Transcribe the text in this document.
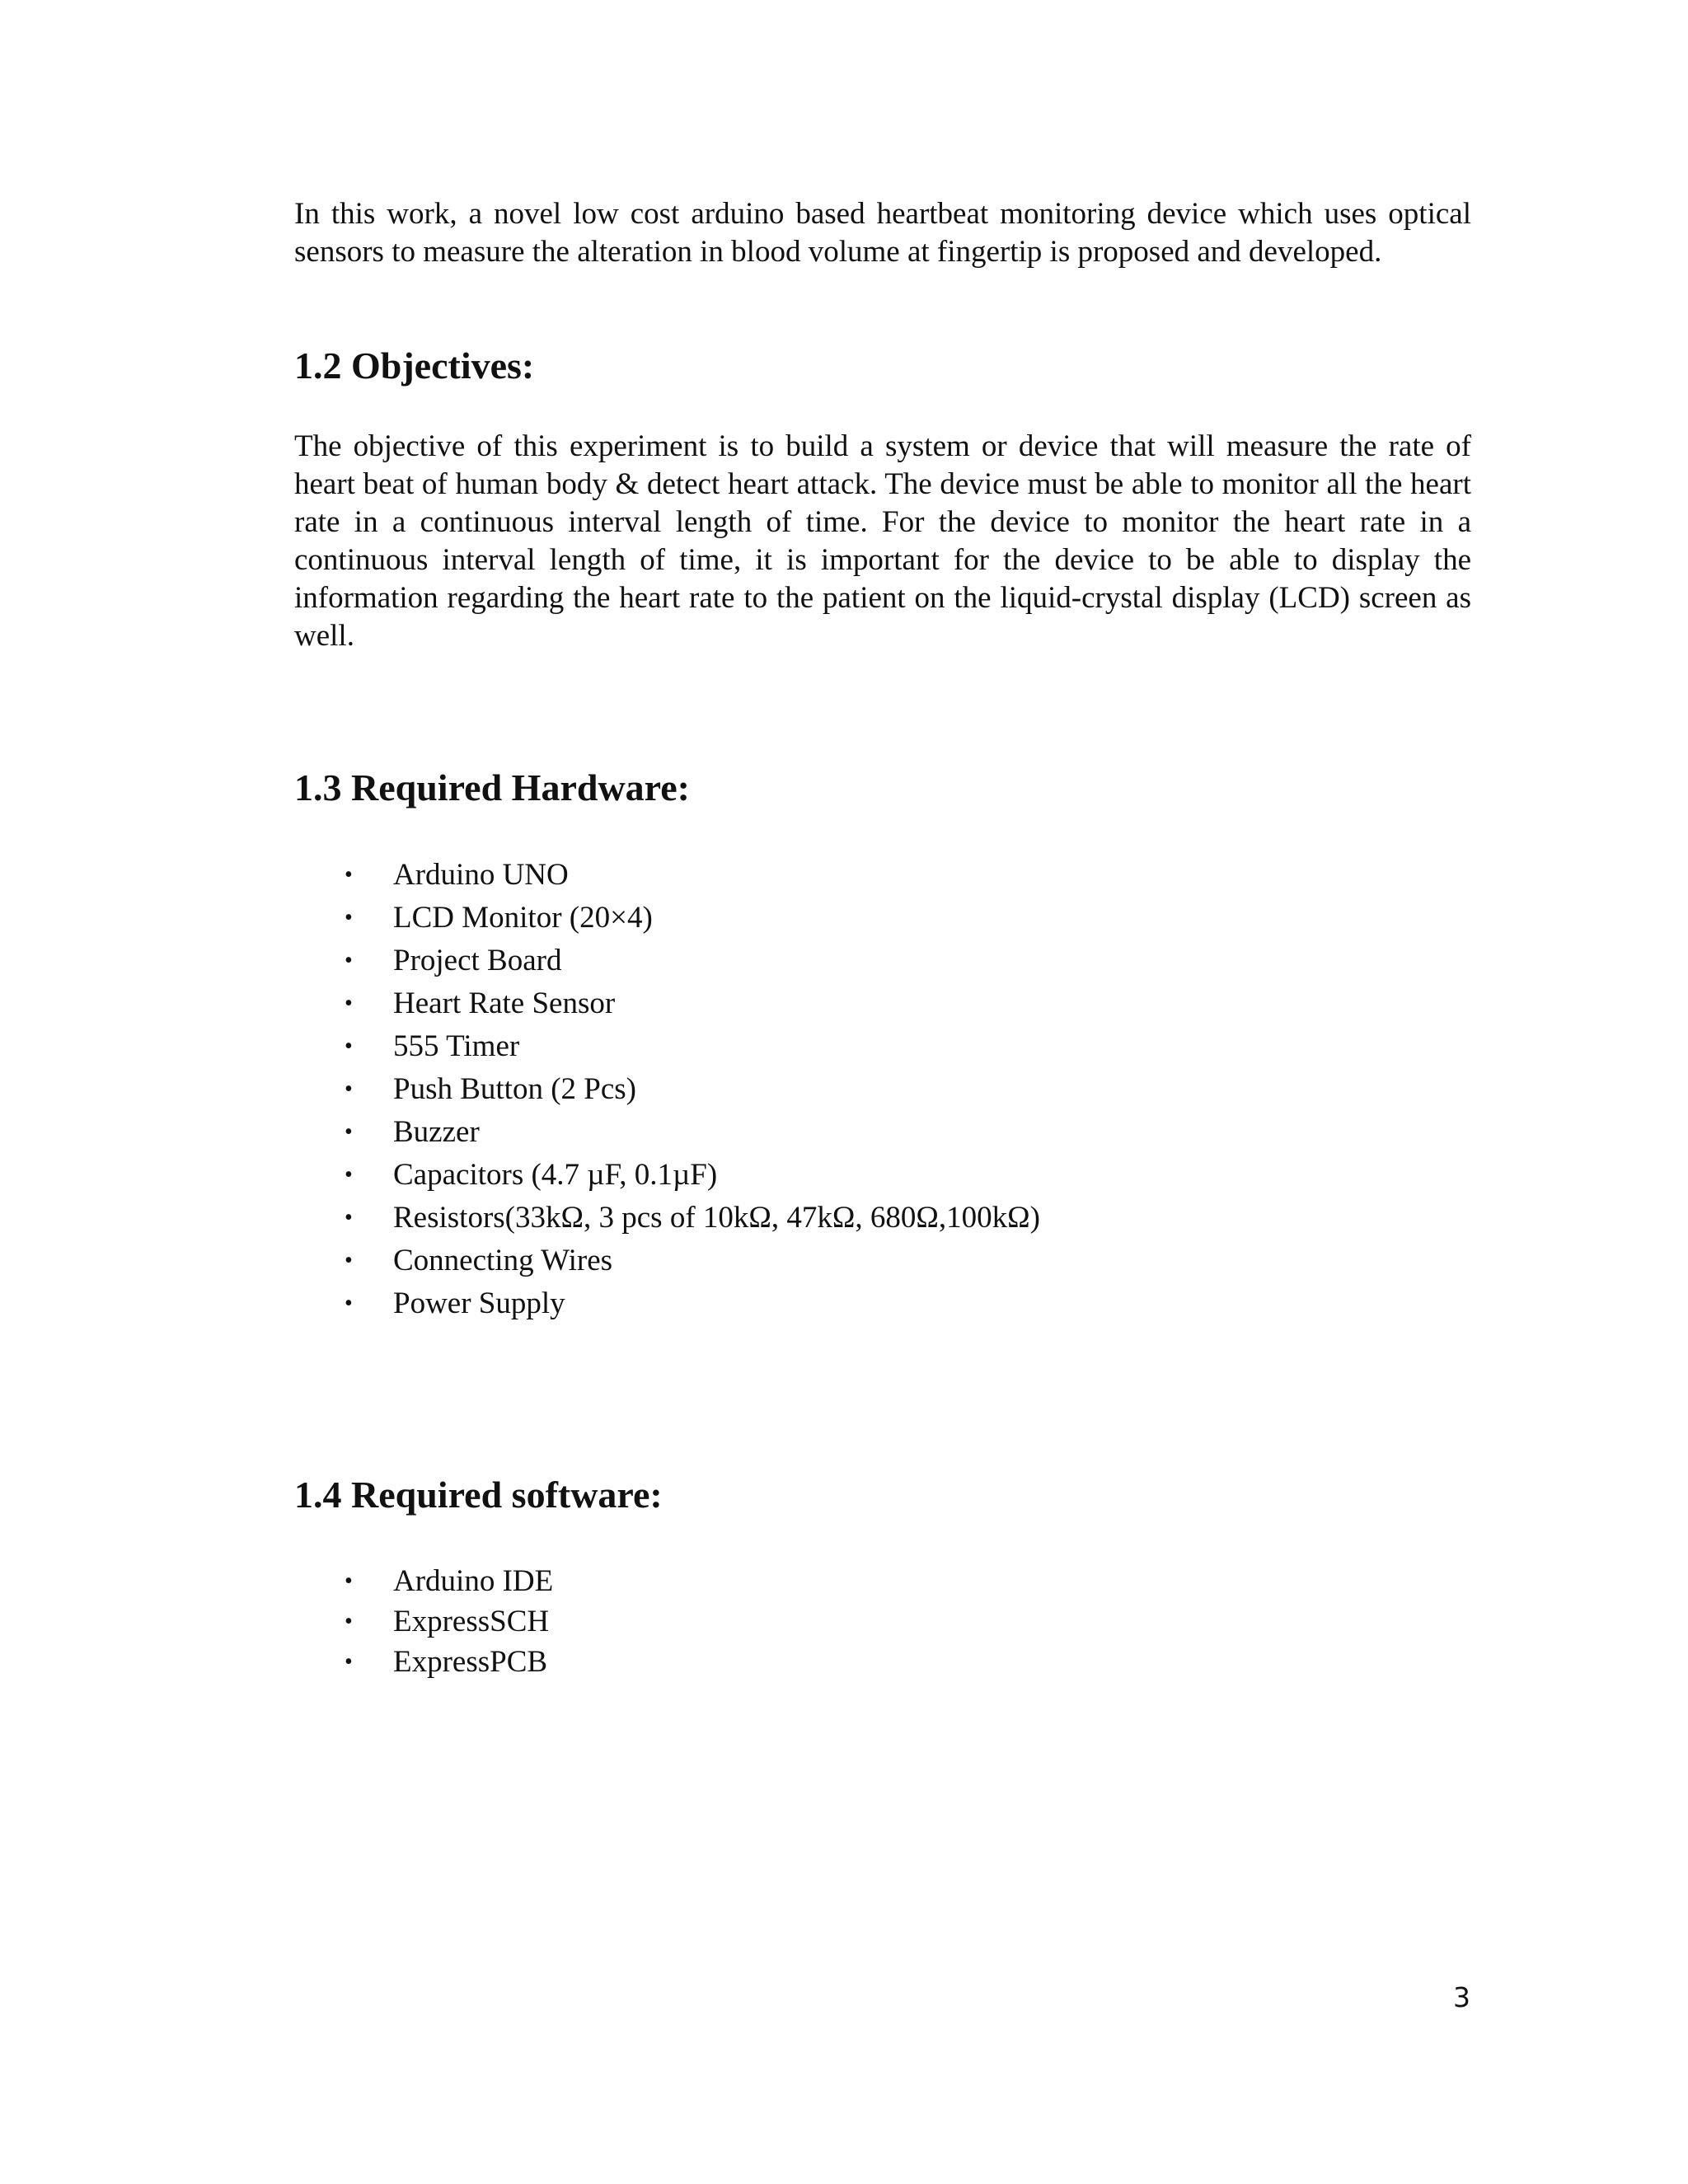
In this work, a novel low cost arduino based heartbeat monitoring device which uses optical sensors to measure the alteration in blood volume at fingertip is proposed and developed.

1.2 Objectives:

The objective of this experiment is to build a system or device that will measure the rate of heart beat of human body & detect heart attack. The device must be able to monitor all the heart rate in a continuous interval length of time. For the device to monitor the heart rate in a continuous interval length of time, it is important for the device to be able to display the information regarding the heart rate to the patient on the liquid-crystal display (LCD) screen as well.

1.3 Required Hardware:
• Arduino UNO
• LCD Monitor (20×4)
• Project Board
• Heart Rate Sensor
• 555 Timer
• Push Button (2 Pcs)
• Buzzer
• Capacitors (4.7 µF, 0.1µF)
• Resistors(33kΩ, 3 pcs of 10kΩ, 47kΩ, 680Ω,100kΩ)
• Connecting Wires
• Power Supply
1.4 Required software:
• Arduino IDE
• ExpressSCH
• ExpressPCB
3
